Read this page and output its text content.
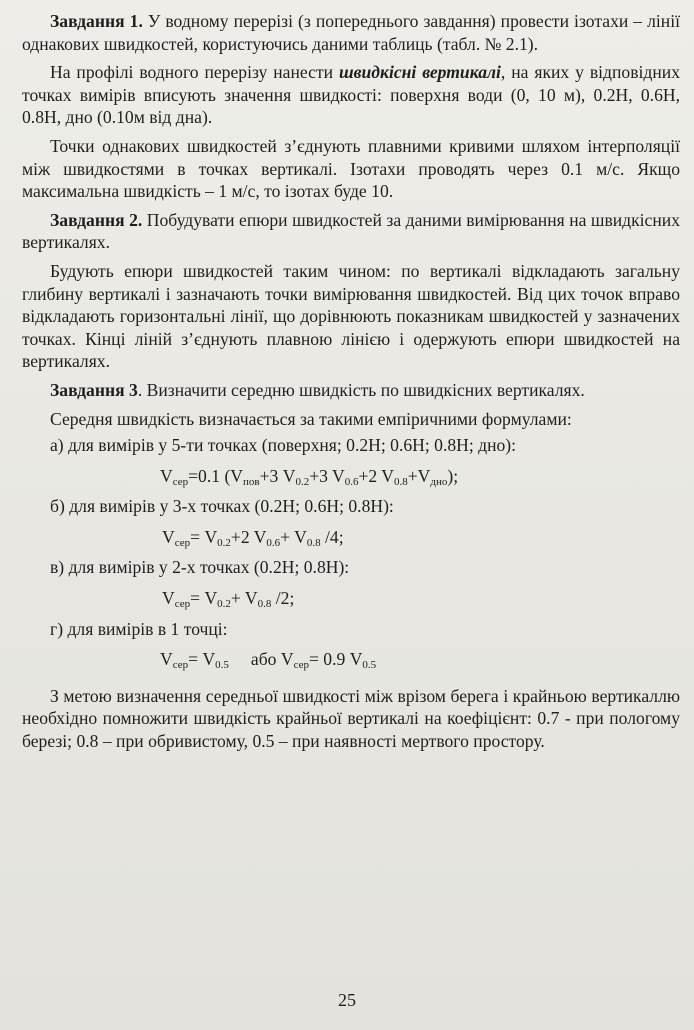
Завдання 1. У водному перерізі (з попереднього завдання) провести ізотахи – лінії однакових швидкостей, користуючись даними таблиць (табл. № 2.1).

На профілі водного перерізу нанести швидкісні вертикалі, на яких у відповідних точках вимірів вписують значення швидкості: поверхня води (0, 10 м), 0.2H, 0.6H, 0.8H, дно (0.10м від дна).

Точки однакових швидкостей з’єднують плавними кривими шляхом інтерполяції між швидкостями в точках вертикалі. Ізотахи проводять через 0.1 м/с. Якщо максимальна швидкість – 1 м/с, то ізотах буде 10.

Завдання 2. Побудувати епюри швидкостей за даними вимірювання на швидкісних вертикалях.

Будують епюри швидкостей таким чином: по вертикалі відкладають загальну глибину вертикалі і зазначають точки вимірювання швидкостей. Від цих точок вправо відкладають горизонтальні лінії, що дорівнюють показникам швидкостей у зазначених точках. Кінці ліній з’єднують плавною лінією і одержують епюри швидкостей на вертикалях.

Завдання 3. Визначити середню швидкість по швидкісних вертикалях.

Середня швидкість визначається за такими емпіричними формулами:

а) для вимірів у 5-ти точках (поверхня; 0.2H; 0.6H; 0.8H; дно):

$V_{сер}=0.1$ ($V_{пов}+3$ $V_{0.2}+3$ $V_{0.6}+2$ $V_{0.8}+V_{дно}$);

б) для вимірів у 3-х точках (0.2H; 0.6H; 0.8H):

$V_{сер}= V_{0.2}+2$ $V_{0.6}+ V_{0.8}$ /4;

в) для вимірів у 2-х точках (0.2H; 0.8H):

$V_{сер}= V_{0.2}+ V_{0.8}$ /2;

г) для вимірів в 1 точці:

$V_{сер}= V_{0.5}$ або $V_{сер}= 0.9$ $V_{0.5}$

З метою визначення середньої швидкості між врізом берега і крайньою вертикаллю необхідно помножити швидкість крайньої вертикалі на коефіцієнт: 0.7 - при пологому березі; 0.8 – при обривистому, 0.5 – при наявності мертвого простору.

25
